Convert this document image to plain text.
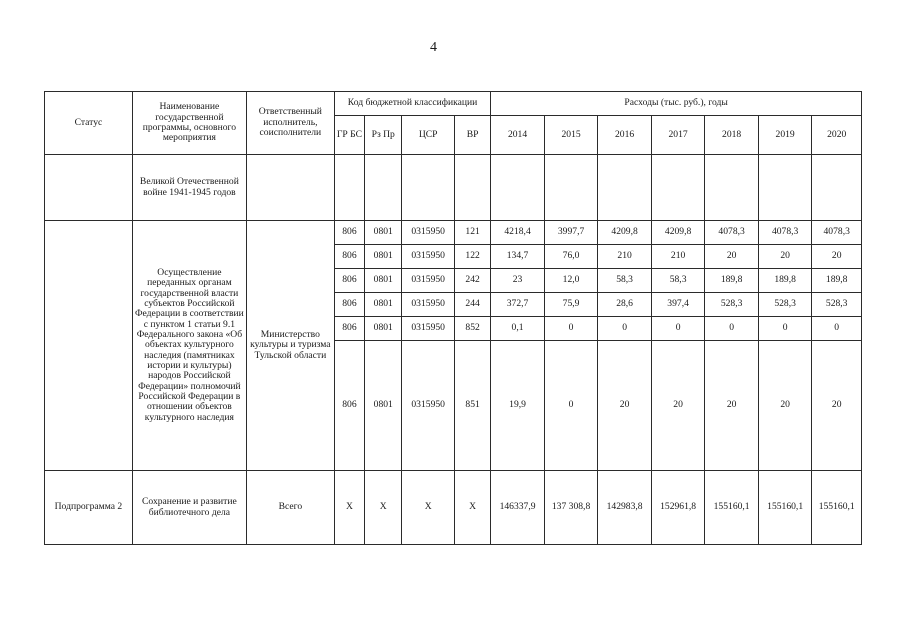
4
Статус	Наименование государственной программы, основного мероприятия	Ответственный исполнитель, соисполнители	Код бюджетной классификации				Расходы (тыс. руб.), годы						
			ГР БС	Рз Пр	ЦСР	ВР	2014	2015	2016	2017	2018	2019	2020
	Великой Отечественной войне 1941-1945 годов												
	Осуществление переданных органам государственной власти субъектов Российской Федерации в соответствии с пунктом 1 статьи 9.1 Федерального закона «Об объектах культурного наследия (памятниках истории и культуры) народов Российской Федерации» полномочий Российской Федерации в отношении объектов культурного наследия	Министерство культуры и туризма Тульской области	806	0801	0315950	121	4218,4	3997,7	4209,8	4209,8	4078,3	4078,3	4078,3
			806	0801	0315950	122	134,7	76,0	210	210	20	20	20
			806	0801	0315950	242	23	12,0	58,3	58,3	189,8	189,8	189,8
			806	0801	0315950	244	372,7	75,9	28,6	397,4	528,3	528,3	528,3
			806	0801	0315950	852	0,1	0	0	0	0	0	0
			806	0801	0315950	851	19,9	0	20	20	20	20	20
Подпрограмма 2	Сохранение и развитие библиотечного дела	Всего	X	X	X	X	146337,9	137 308,8	142983,8	152961,8	155160,1	155160,1	155160,1
